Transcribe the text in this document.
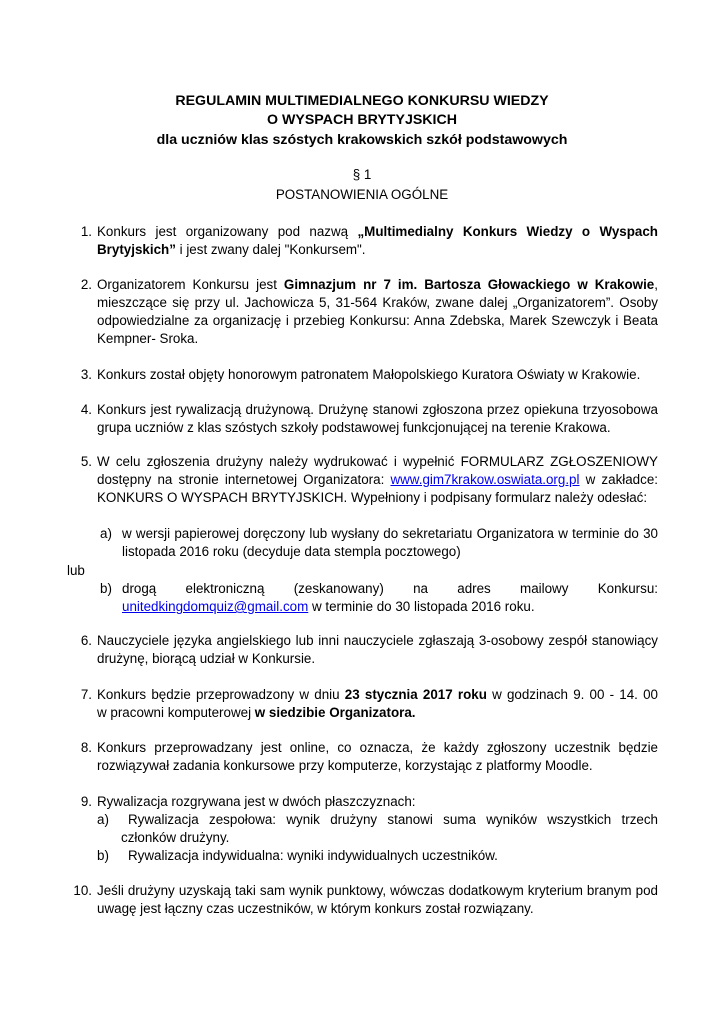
REGULAMIN MULTIMEDIALNEGO KONKURSU WIEDZY
O WYSPACH BRYTYJSKICH
dla uczniów klas szóstych krakowskich szkół podstawowych
§ 1
POSTANOWIENIA OGÓLNE
1. Konkurs jest organizowany pod nazwą „Multimedialny Konkurs Wiedzy o Wyspach
Brytyjskich” i jest zwany dalej "Konkursem".
2. Organizatorem Konkursu jest Gimnazjum nr 7 im. Bartosza Głowackiego w Krakowie,
mieszczące się przy ul. Jachowicza 5, 31-564 Kraków, zwane dalej „Organizatorem”. Osoby
odpowiedzialne za organizację i przebieg Konkursu: Anna Zdebska, Marek Szewczyk i Beata
Kempner- Sroka.
3. Konkurs został objęty honorowym patronatem Małopolskiego Kuratora Oświaty w Krakowie.
4. Konkurs jest rywalizacją drużynową. Drużynę stanowi zgłoszona przez opiekuna trzyosobowa
grupa uczniów z klas szóstych szkoły podstawowej funkcjonującej na terenie Krakowa.
5. W celu zgłoszenia drużyny należy wydrukować i wypełnić FORMULARZ ZGŁOSZENIOWY
dostępny na stronie internetowej Organizatora: www.gim7krakow.oswiata.org.pl w zakładce:
KONKURS O WYSPACH BRYTYJSKICH. Wypełniony i podpisany formularz należy odesłać:
a) w wersji papierowej doręczony lub wysłany do sekretariatu Organizatora w terminie do 30
listopada 2016 roku (decyduje data stempla pocztowego)
lub
b) drogą elektroniczną (zeskanowany) na adres mailowy Konkursu:
unitedkingdomquiz@gmail.com w terminie do 30 listopada 2016 roku.
6. Nauczyciele języka angielskiego lub inni nauczyciele zgłaszają 3-osobowy zespół stanowiący
drużynę, biorącą udział w Konkursie.
7. Konkurs będzie przeprowadzony w dniu 23 stycznia 2017 roku w godzinach 9. 00 - 14. 00
w pracowni komputerowej w siedzibie Organizatora.
8. Konkurs przeprowadzany jest online, co oznacza, że każdy zgłoszony uczestnik będzie
rozwiązywał zadania konkursowe przy komputerze, korzystając z platformy Moodle.
9. Rywalizacja rozgrywana jest w dwóch płaszczyznach:
a) Rywalizacja zespołowa: wynik drużyny stanowi suma wyników wszystkich trzech
członków drużyny.
b) Rywalizacja indywidualna: wyniki indywidualnych uczestników.
10. Jeśli drużyny uzyskają taki sam wynik punktowy, wówczas dodatkowym kryterium branym pod
uwagę jest łączny czas uczestników, w którym konkurs został rozwiązany.
